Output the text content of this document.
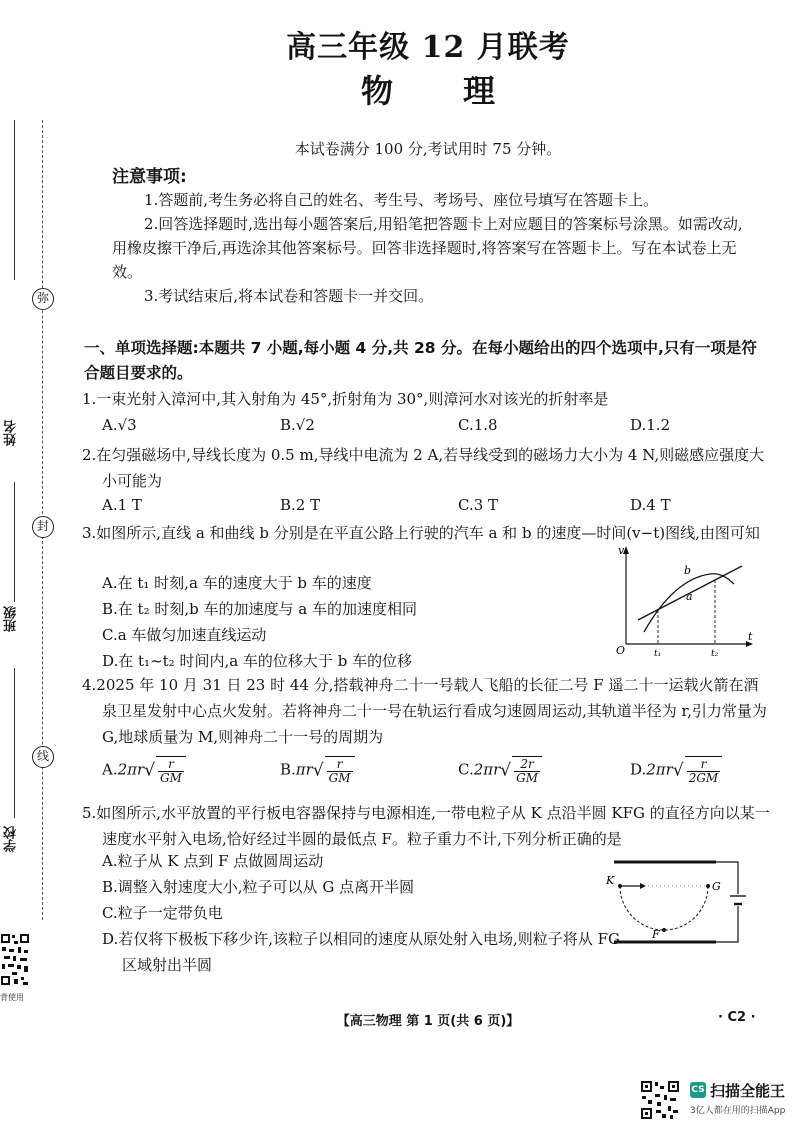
弥
封
线
姓名
班级
学校
背使用
高三年级 12 月联考
物理
本试卷满分 100 分,考试用时 75 分钟。
注意事项:
1.答题前,考生务必将自己的姓名、考生号、考场号、座位号填写在答题卡上。
2.回答选择题时,选出每小题答案后,用铅笔把答题卡上对应题目的答案标号涂黑。如需改动,用橡皮擦干净后,再选涂其他答案标号。回答非选择题时,将答案写在答题卡上。写在本试卷上无效。
3.考试结束后,将本试卷和答题卡一并交回。
一、单项选择题:本题共 7 小题,每小题 4 分,共 28 分。在每小题给出的四个选项中,只有一项是符合题目要求的。
1.一束光射入漳河中,其入射角为 45°,折射角为 30°,则漳河水对该光的折射率是
A.√3	B.√2	C.1.8	D.1.2
2.在匀强磁场中,导线长度为 0.5 m,导线中电流为 2 A,若导线受到的磁场力大小为 4 N,则磁感应强度大小可能为
A.1 T	B.2 T	C.3 T	D.4 T
3.如图所示,直线 a 和曲线 b 分别是在平直公路上行驶的汽车 a 和 b 的速度—时间(v−t)图线,由图可知
A.在 t₁ 时刻,a 车的速度大于 b 车的速度
B.在 t₂ 时刻,b 车的加速度与 a 车的加速度相同
C.a 车做匀加速直线运动
D.在 t₁~t₂ 时间内,a 车的位移大于 b 车的位移
v
t
O
a
b
t₁	t₂
4.2025 年 10 月 31 日 23 时 44 分,搭载神舟二十一号载人飞船的长征二号 F 遥二十一运载火箭在酒泉卫星发射中心点火发射。若将神舟二十一号在轨运行看成匀速圆周运动,其轨道半径为 r,引力常量为 G,地球质量为 M,则神舟二十一号的周期为
$A.2\pi r√ \frac{r}{GM}$	$B.\pi r√ \frac{r}{GM}$	$C.2\pi r√ \frac{2r}{GM}$	$D.2\pi r√ \frac{r}{2GM}$
5.如图所示,水平放置的平行板电容器保持与电源相连,一带电粒子从 K 点沿半圆 KFG 的直径方向以某一速度水平射入电场,恰好经过半圆的最低点 F。粒子重力不计,下列分析正确的是
A.粒子从 K 点到 F 点做圆周运动
B.调整入射速度大小,粒子可以从 G 点离开半圆
C.粒子一定带负电
D.若仅将下极板下移少许,该粒子以相同的速度从原处射入电场,则粒子将从 FG 区域射出半圆
K	G
F
【高三物理 第 1 页(共 6 页)】	· C2 ·
CS 扫描全能王
3亿人都在用的扫描App
